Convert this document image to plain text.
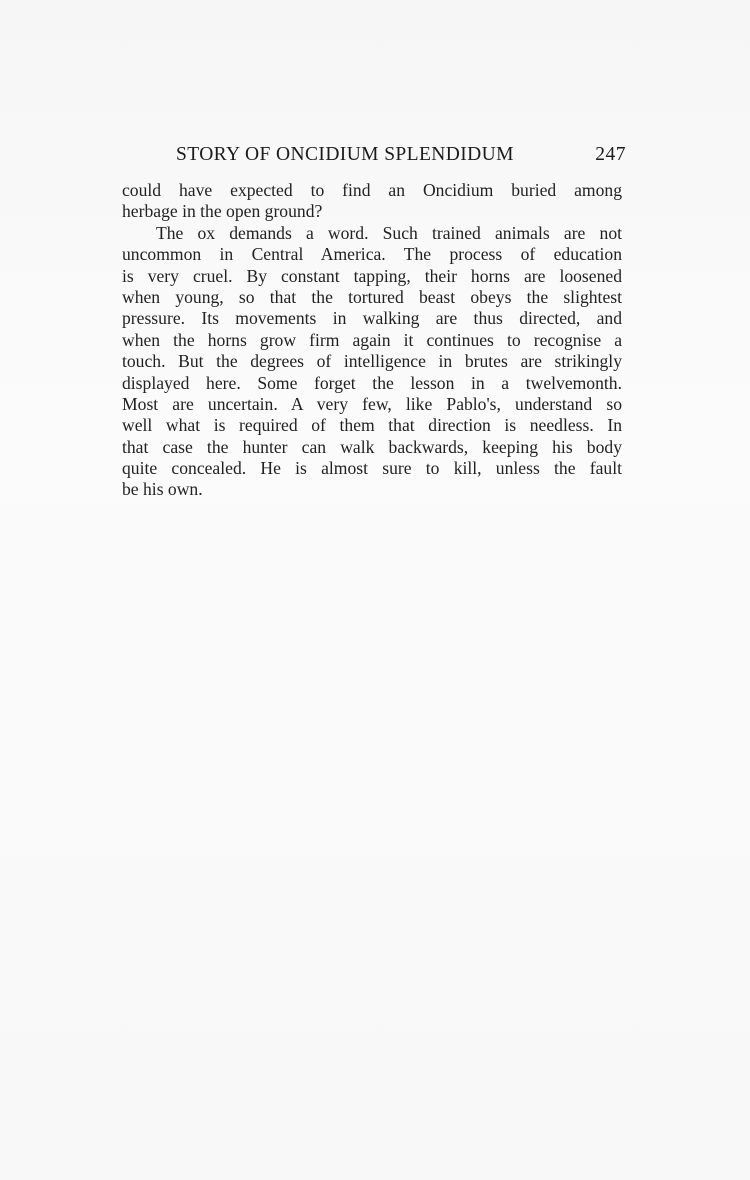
STORY OF ONCIDIUM SPLENDIDUM	247
could have expected to find an Oncidium buried among
herbage in the open ground?
The ox demands a word. Such trained animals are not
uncommon in Central America. The process of education
is very cruel. By constant tapping, their horns are loosened
when young, so that the tortured beast obeys the slightest
pressure. Its movements in walking are thus directed, and
when the horns grow firm again it continues to recognise a
touch. But the degrees of intelligence in brutes are strikingly
displayed here. Some forget the lesson in a twelvemonth.
Most are uncertain. A very few, like Pablo's, understand so
well what is required of them that direction is needless. In
that case the hunter can walk backwards, keeping his body
quite concealed. He is almost sure to kill, unless the fault
be his own.
